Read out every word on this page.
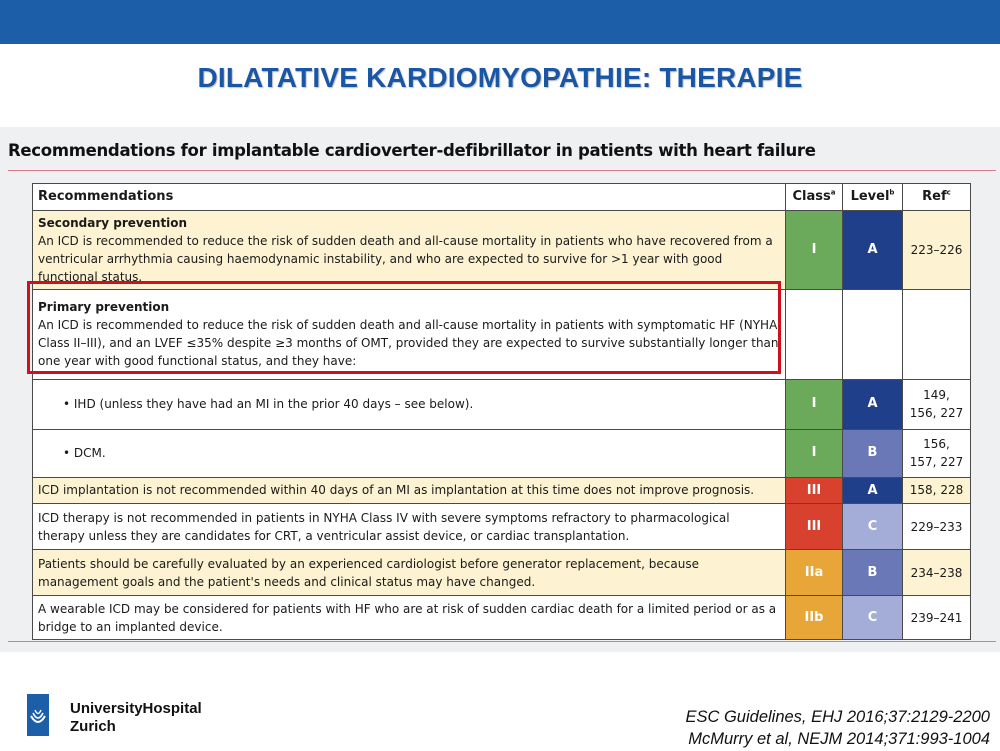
DILATATIVE KARDIOMYOPATHIE: THERAPIE
Recommendations for implantable cardioverter-defibrillator in patients with heart failure
Recommendations	Class$^a$	Level$^b$	Ref$^c$

Secondary prevention
An ICD is recommended to reduce the risk of sudden death and all-cause mortality in patients who have recovered from a ventricular arrhythmia causing haemodynamic instability, and who are expected to survive for >1 year with good functional status.	I	A	223–226

Primary prevention
An ICD is recommended to reduce the risk of sudden death and all-cause mortality in patients with symptomatic HF (NYHA Class II–III), and an LVEF ≤35% despite ≥3 months of OMT, provided they are expected to survive substantially longer than one year with good functional status, and they have:			

• IHD (unless they have had an MI in the prior 40 days – see below).	I	A	149, 156, 227
• DCM.	I	B	156, 157, 227
ICD implantation is not recommended within 40 days of an MI as implantation at this time does not improve prognosis.	III	A	158, 228
ICD therapy is not recommended in patients in NYHA Class IV with severe symptoms refractory to pharmacological therapy unless they are candidates for CRT, a ventricular assist device, or cardiac transplantation.	III	C	229–233
Patients should be carefully evaluated by an experienced cardiologist before generator replacement, because management goals and the patient's needs and clinical status may have changed.	IIa	B	234–238
A wearable ICD may be considered for patients with HF who are at risk of sudden cardiac death for a limited period or as a bridge to an implanted device.	IIb	C	239–241
UniversityHospital
Zurich
ESC Guidelines, EHJ 2016;37:2129-2200
McMurry et al, NEJM 2014;371:993-1004
